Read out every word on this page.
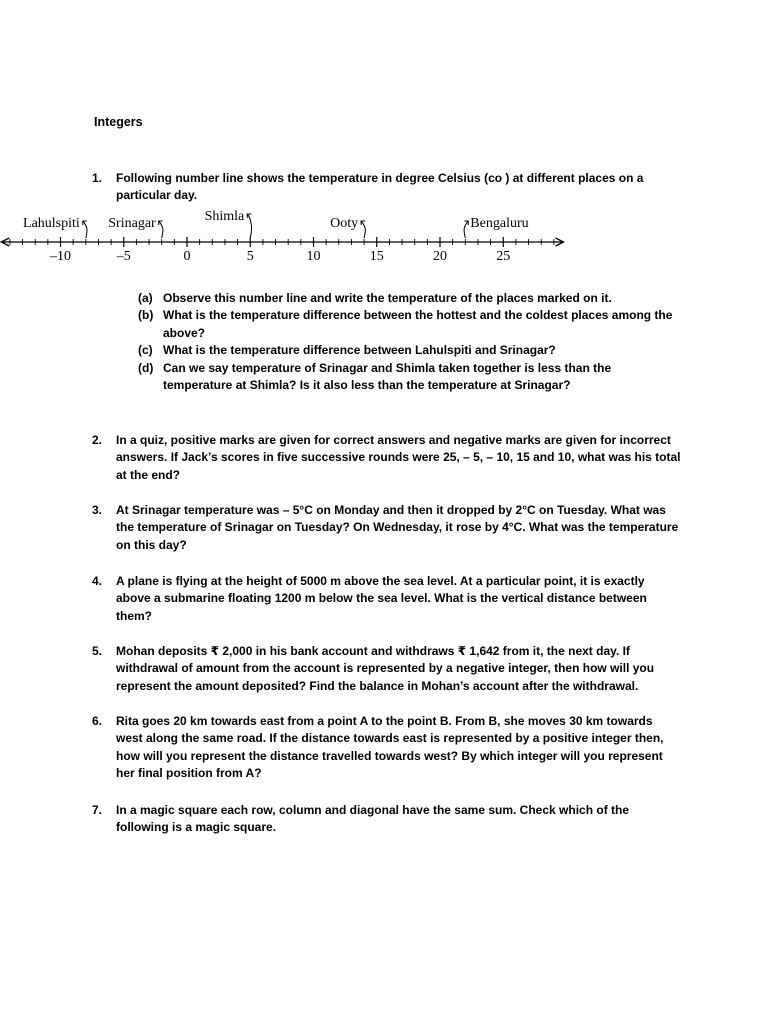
Integers
1.	Following number line shows the temperature in degree Celsius (co ) at different places on a particular day.
–10	–5	0	5	10	15	20	25
Lahulspiti Srinagar	Shimla	Ooty	Bengaluru
(a) Observe this number line and write the temperature of the places marked on it.
(b) What is the temperature difference between the hottest and the coldest places among the above?
(c) What is the temperature difference between Lahulspiti and Srinagar?
(d) Can we say temperature of Srinagar and Shimla taken together is less than the temperature at Shimla? Is it also less than the temperature at Srinagar?
2.	In a quiz, positive marks are given for correct answers and negative marks are given for incorrect answers. If Jack’s scores in five successive rounds were 25, – 5, – 10, 15 and 10, what was his total at the end?
3.	At Srinagar temperature was – 5°C on Monday and then it dropped by 2°C on Tuesday. What was the temperature of Srinagar on Tuesday? On Wednesday, it rose by 4°C. What was the temperature on this day?
4.	A plane is flying at the height of 5000 m above the sea level. At a particular point, it is exactly above a submarine floating 1200 m below the sea level. What is the vertical distance between them?
5.	Mohan deposits ₹ 2,000 in his bank account and withdraws ₹ 1,642 from it, the next day. If withdrawal of amount from the account is represented by a negative integer, then how will you represent the amount deposited? Find the balance in Mohan’s account after the withdrawal.
6.	Rita goes 20 km towards east from a point A to the point B. From B, she moves 30 km towards west along the same road. If the distance towards east is represented by a positive integer then, how will you represent the distance travelled towards west? By which integer will you represent her final position from A?
7.	In a magic square each row, column and diagonal have the same sum. Check which of the following is a magic square.
